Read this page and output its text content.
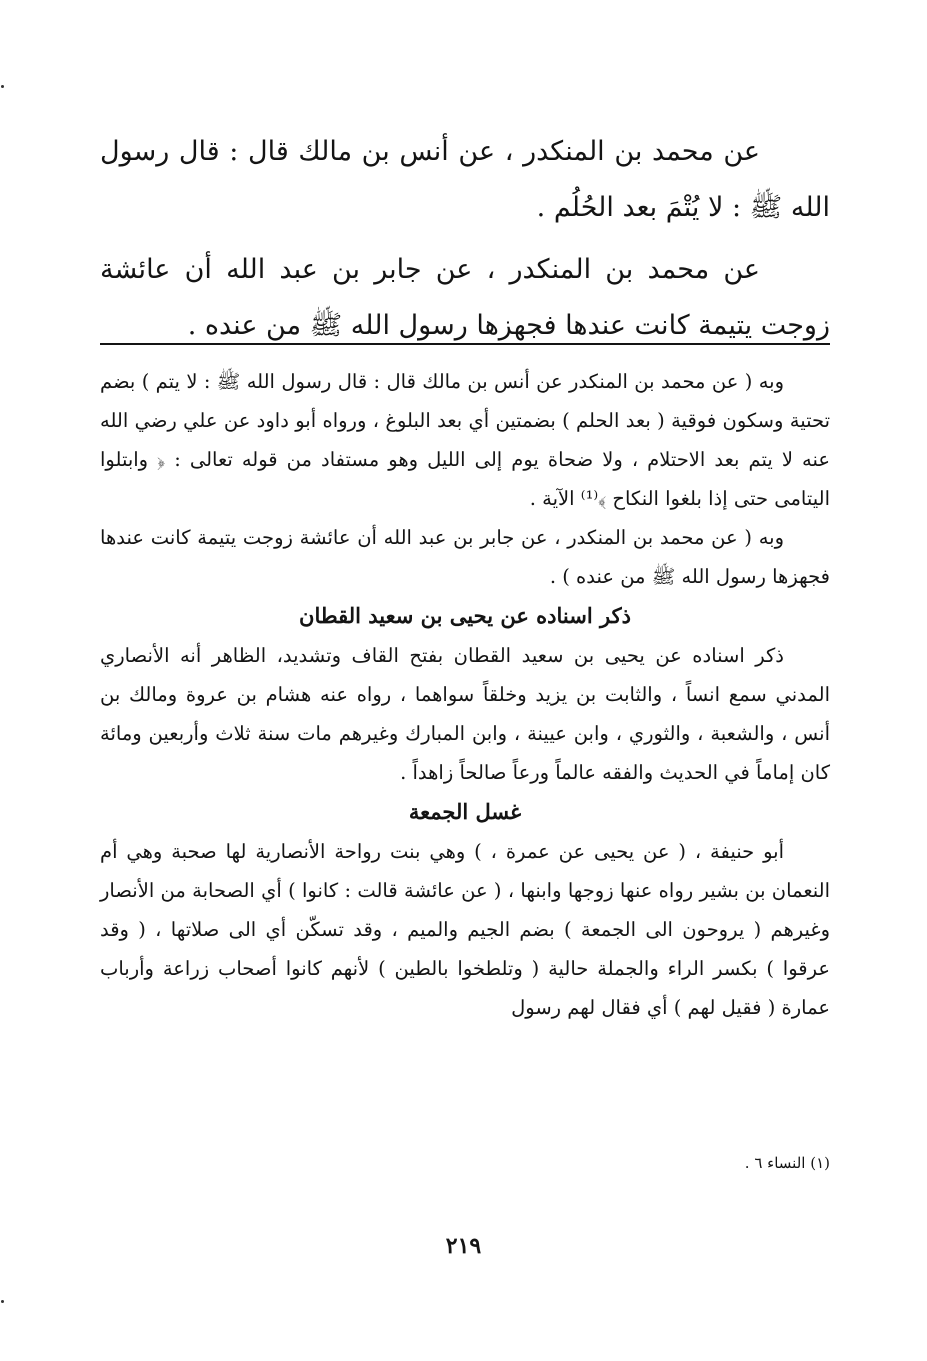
عن محمد بن المنكدر ، عن أنس بن مالك قال : قال رسول الله ﷺ : لا يُتْمَ بعد الحُلُم .

عن محمد بن المنكدر ، عن جابر بن عبد الله أن عائشة زوجت يتيمة كانت عندها فجهزها رسول الله ﷺ من عنده .

وبه ( عن محمد بن المنكدر عن أنس بن مالك قال : قال رسول الله ﷺ : لا يتم ) بضم تحتية وسكون فوقية ( بعد الحلم ) بضمتين أي بعد البلوغ ، ورواه أبو داود عن علي رضي الله عنه لا يتم بعد الاحتلام ، ولا ضحاة يوم إلى الليل وهو مستفاد من قوله تعالى : ﴿ وابتلوا اليتامى حتى إذا بلغوا النكاح ﴾⁽¹⁾ الآية .

وبه ( عن محمد بن المنكدر ، عن جابر بن عبد الله أن عائشة زوجت يتيمة كانت عندها فجهزها رسول الله ﷺ من عنده ) .

ذكر اسناده عن يحيى بن سعيد القطان

ذكر اسناده عن يحيى بن سعيد القطان بفتح القاف وتشديد، الظاهر أنه الأنصاري المدني سمع انساً ، والثابت بن يزيد وخلقاً سواهما ، رواه عنه هشام بن عروة ومالك بن أنس ، والشعبة ، والثوري ، وابن عيينة ، وابن المبارك وغيرهم مات سنة ثلاث وأربعين ومائة كان إماماً في الحديث والفقه عالماً ورعاً صالحاً زاهداً .

غسل الجمعة

أبو حنيفة ، ( عن يحيى عن عمرة ، ) وهي بنت رواحة الأنصارية لها صحبة وهي أم النعمان بن بشير رواه عنها زوجها وابنها ، ( عن عائشة قالت : كانوا ) أي الصحابة من الأنصار وغيرهم ( يروحون الى الجمعة ) بضم الجيم والميم ، وقد تسكّن أي الى صلاتها ، ( وقد عرقوا ) بكسر الراء والجملة حالية ( وتلطخوا بالطين ) لأنهم كانوا أصحاب زراعة وأرباب عمارة ( فقيل لهم ) أي فقال لهم رسول

(١) النساء ٦ .
٢١٩
